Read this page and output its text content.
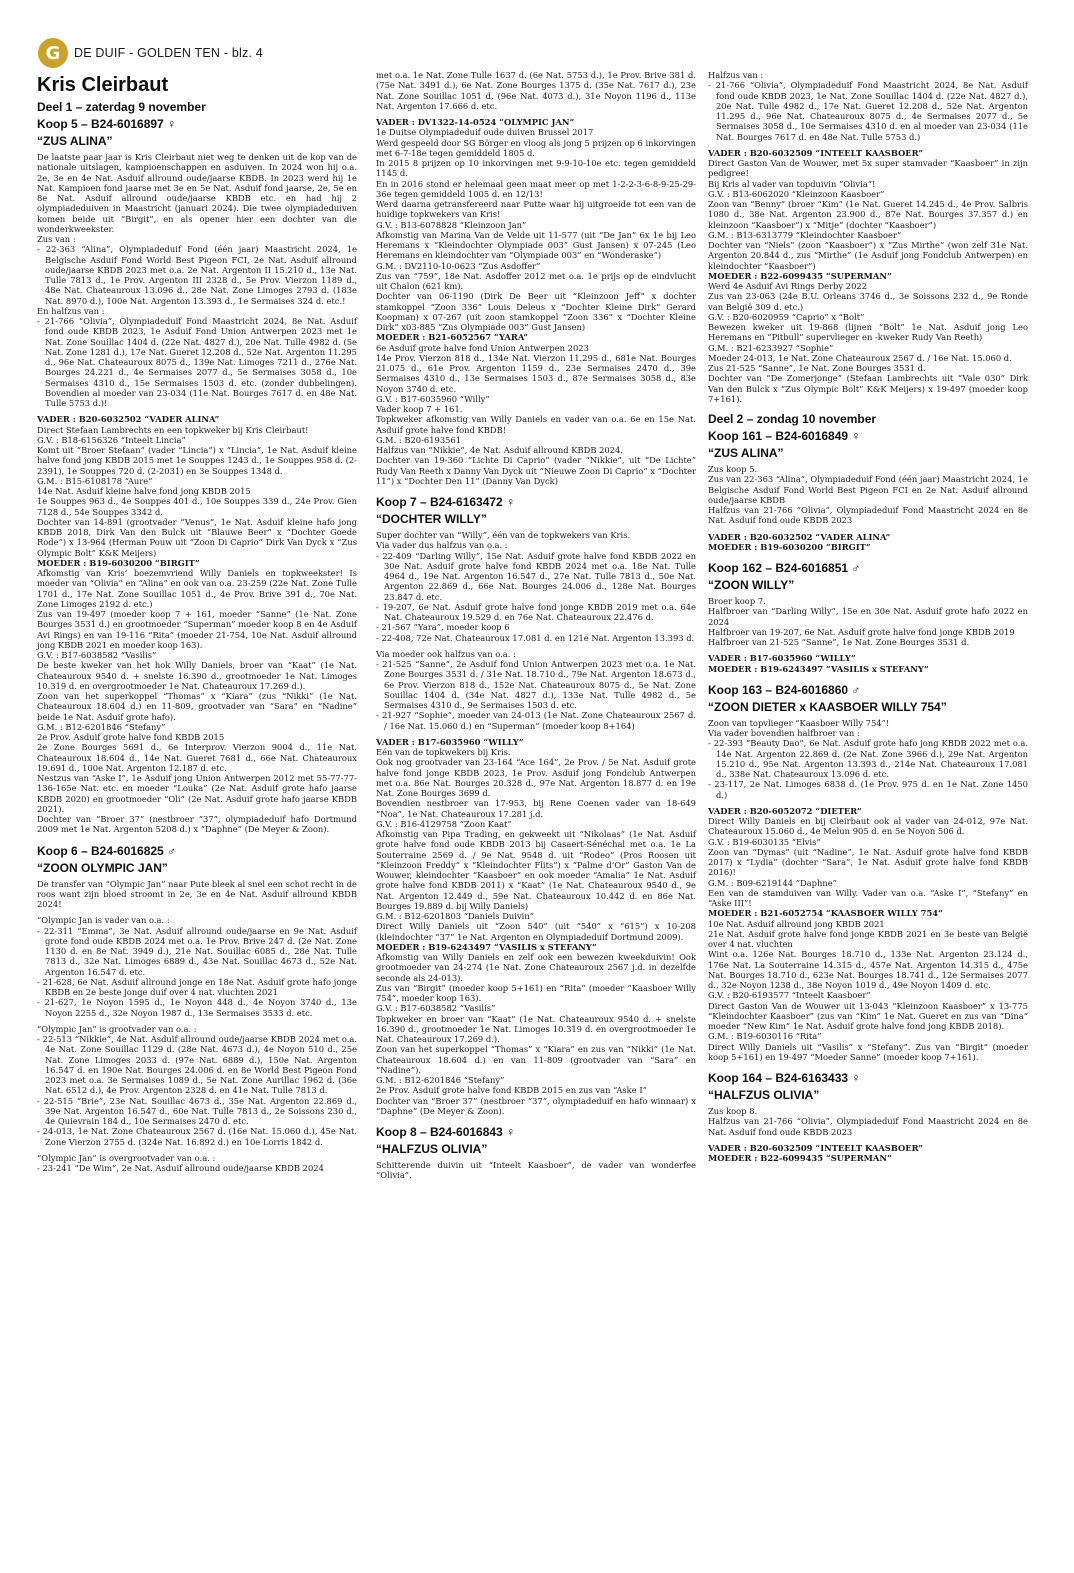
G	DE DUIF - GOLDEN TEN - blz. 4
Kris Cleirbaut
Deel 1 – zaterdag 9 november
Koop 5 – B24-6016897 ♀
“ZUS ALINA”

De laatste paar jaar is Kris Cleirbaut niet weg te denken uit de kop van de nationale uitslagen, kampioenschappen en asduiven. In 2024 won hij o.a. 2e, 3e en 4e Nat. Asduif allround oude/jaarse KBDB. In 2023 werd hij 1e Nat. Kampioen fond jaarse met 3e en 5e Nat. Asduif fond jaarse, 2e, 5e en 8e Nat. Asduif allround oude/jaarse KBDB etc. en had hij 2 olympiadeduiven in Maastricht (januari 2024). Die twee olympiadeduiven komen beide uit “Birgit”, en als opener hier een dochter van die wonderkweekster.

Zus van :

- 22-363 “Alina”, Olympiadeduif Fond (één jaar) Maastricht 2024, 1e Belgische Asduif Fond World Best Pigeon FCI, 2e Nat. Asduif allround oude/jaarse KBDB 2023 met o.a. 2e Nat. Argenton II 15.210 d., 13e Nat. Tulle 7813 d., 1e Prov. Argenton III 2328 d., 5e Prov. Vierzon 1189 d., 48e Nat. Chateauroux 13.096 d., 28e Nat. Zone Limoges 2793 d. (183e Nat. 8970 d.), 100e Nat. Argenton 13.393 d., 1e Sermaises 324 d. etc.!

En halfzus van :

- 21-766 “Olivia”, Olympiadeduif Fond Maastricht 2024, 8e Nat. Asduif fond oude KBDB 2023, 1e Asduif Fond Union Antwerpen 2023 met 1e Nat. Zone Souillac 1404 d. (22e Nat. 4827 d.), 20e Nat. Tulle 4982 d. (5e Nat. Zone 1281 d.), 17e Nat. Gueret 12.208 d., 52e Nat. Argenton 11.295 d., 96e Nat. Chateauroux 8075 d., 139e Nat. Limoges 7211 d., 276e Nat. Bourges 24.221 d., 4e Sermaises 2077 d., 5e Sermaises 3058 d., 10e Sermaises 4310 d., 15e Sermaises 1503 d. etc. (zonder dubbelingen). Bovendien al moeder van 23-034 (11e Nat. Bourges 7617 d. en 48e Nat. Tulle 5753 d.)!

VADER : B20-6032502 “VADER ALINA”

Direct Stefaan Lambrechts en een topkweker bij Kris Cleirbaut!

G.V. : B18-6156326 “Inteelt Lincia”

Komt uit “Broer Stefaan” (vader “Lincia”) x “Lincia”, 1e Nat. Asduif kleine halve fond jong KBDB 2015 met 1e Souppes 1243 d., 1e Souppes 958 d. (2-2391), 1e Souppes 720 d. (2-2031) en 3e Souppes 1348 d.

G.M. : B15-6108178 “Aure”

14e Nat. Asduif kleine halve fond jong KBDB 2015

1e Souppes 963 d., 4e Souppes 401 d., 10e Souppes 339 d., 24e Prov. Gien 7128 d., 54e Souppes 3342 d.

Dochter van 14-891 (grootvader “Venus”, 1e Nat. Asduif kleine hafo jong KBDB 2018, Dirk Van den Bulck uit “Blauwe Beer” x “Dochter Goede Rode”) x 13-964 (Herman Pouw uit “Zoon Di Caprio” Dirk Van Dyck x “Zus Olympic Bolt” K&K Meijers)

MOEDER : B19-6030200 “BIRGIT”

Afkomstig van Kris’ boezemvriend Willy Daniels en topkweekster! Is moeder van “Olivia” en “Alina” en ook van o.a. 23-259 (22e Nat. Zone Tulle 1701 d., 17e Nat. Zone Souillac 1051 d., 4e Prov. Brive 391 d., 70e Nat. Zone Limoges 2192 d. etc.)

Zus van 19-497 (moeder koop 7 + 161, moeder “Sanne” (1e Nat. Zone Bourges 3531 d.) en grootmoeder “Superman” moeder koop 8 en 4e Asduif Avi Rings) en van 19-116 “Rita” (moeder 21-754, 10e Nat. Asduif allround jong KBDB 2021 en moeder koop 163).

G.V. : B17-6038582 “Vasilis”

De beste kweker van het hok Willy Daniels, broer van “Kaat” (1e Nat. Chateauroux 9540 d. + snelste 16.390 d., grootmoeder 1e Nat. Limoges 10.319 d. en overgrootmoeder 1e Nat. Chateauroux 17.269 d.).

Zoon van het superkoppel “Thomas” x “Kiara” (zus “Nikki” (1e Nat. Chateauroux 18.604 d.) en 11-809, grootvader van “Sara” en “Nadine” beide 1e Nat. Asduif grote hafo).

G.M. : B12-6201846 “Stefany”

2e Prov. Asduif grote halve fond KBDB 2015

2e Zone Bourges 5691 d., 6e Interprov. Vierzon 9004 d., 11e Nat. Chateauroux 18.604 d., 14e Nat. Gueret 7681 d., 66e Nat. Chateauroux 19.691 d., 100e Nat. Argenton 12.187 d. etc.

Nestzus van “Aske I”, 1e Asduif jong Union Antwerpen 2012 met 55-77-77-136-165e Nat. etc. en moeder “Louka” (2e Nat. Asduif grote hafo jaarse KBDB 2020) en grootmoeder “Oli” (2e Nat. Asduif grote hafo jaarse KBDB 2021).

Dochter van “Broer 37” (nestbroer “37”, olympiadeduif hafo Dortmund 2009 met 1e Nat. Argenton 5208 d.) x “Daphne” (De Meyer & Zoon).

Koop 6 – B24-6016825 ♂
“ZOON OLYMPIC JAN”

De transfer van “Olympic Jan” naar Pute bleek al snel een schot recht in de roos want zijn bloed stroomt in 2e, 3e en 4e Nat. Asduif allround KBDB 2024!

“Olympic Jan is vader van o.a. :

- 22-311 “Emma”, 3e Nat. Asduif allround oude/jaarse en 9e Nat. Asduif grote fond oude KBDB 2024 met o.a. 1e Prov. Brive 247 d. (2e Nat. Zone 1130 d. en 8e Nat. 3949 d.), 21e Nat. Souillac 6085 d., 28e Nat. Tulle 7813 d., 32e Nat. Limoges 6889 d., 43e Nat. Souillac 4673 d., 52e Nat. Argenton 16.547 d. etc.

- 21-628, 6e Nat. Asduif allround jonge en 18e Nat. Asduif grote hafo jonge KBDB en 2e beste jonge duif over 4 nat. vluchten 2021

- 21-627, 1e Noyon 1595 d., 1e Noyon 448 d., 4e Noyon 3740 d., 13e Noyon 2255 d., 32e Noyon 1987 d., 13e Sermaises 3533 d. etc.

“Olympic Jan” is grootvader van o.a. :

- 22-513 “Nikkie”, 4e Nat. Asduif allround oude/jaarse KBDB 2024 met o.a. 4e Nat. Zone Souillac 1129 d. (28e Nat. 4673 d.), 4e Noyon 510 d., 25e Nat. Zone Limoges 2033 d. (97e Nat. 6889 d.), 150e Nat. Argenton 16.547 d. en 190e Nat. Bourges 24.006 d. en 8e World Best Pigeon Fond 2023 met o.a. 3e Sermaises 1089 d., 5e Nat. Zone Aurillac 1962 d. (36e Nat. 6512 d.), 4e Prov. Argenton 2328 d. en 41e Nat. Tulle 7813 d.

- 22-515 “Brie”, 23e Nat. Souillac 4673 d., 35e Nat. Argenton 22.869 d., 39e Nat. Argenton 16.547 d., 60e Nat. Tulle 7813 d., 2e Soissons 230 d., 4e Quievrain 184 d., 10e Sermaises 2470 d. etc.

- 24-013, 1e Nat. Zone Chateauroux 2567 d. (16e Nat. 15.060 d.), 45e Nat. Zone Vierzon 2755 d. (324e Nat. 16.892 d.) en 10e Lorris 1842 d.

“Olympic Jan” is overgrootvader van o.a. :

- 23-241 “De Wim”, 2e Nat. Asduif allround oude/jaarse KBDB 2024

met o.a. 1e Nat. Zone Tulle 1637 d. (6e Nat. 5753 d.), 1e Prov. Brive 381 d. (75e Nat. 3491 d.), 6e Nat. Zone Bourges 1375 d. (35e Nat. 7617 d.), 23e Nat. Zone Souillac 1051 d. (96e Nat. 4073 d.), 31e Noyon 1196 d., 113e Nat. Argenton 17.666 d. etc.

VADER : DV1322-14-0524 “OLYMPIC JAN”

1e Duitse Olympiadeduif oude duiven Brussel 2017

Werd gespeeld door SG Börger en vloog als jong 5 prijzen op 6 inkorvingen met 6-7-18e tegen gemiddeld 1805 d.

In 2015 8 prijzen op 10 inkorvingen met 9-9-10-10e etc. tegen gemiddeld 1145 d.

En in 2016 stond er helemaal geen maat meer op met 1-2-2-3-6-8-9-25-29-36e tegen gemiddeld 1005 d. en 12/13!

Werd daarna getransfereerd naar Putte waar hij uitgroeide tot een van de huidige topkwekers van Kris!

G.V. : B13-6078828 “Kleinzoon Jan”

Afkomstig van Marina Van de Velde uit 11-577 (uit “De Jan” 6x 1e bij Leo Heremans x “Kleindochter Olympiade 003” Gust Jansen) x 07-245 (Leo Heremans en kleindochter van “Olympiade 003” en “Wonderaske”)

G.M. : DV2110-10-0623 “Zus Asdoffer”

Zus van “759”, 18e Nat. Asdoffer 2012 met o.a. 1e prijs op de eindvlucht uit Chalon (621 km).

Dochter van 06-1190 (Dirk De Beer uit “Kleinzoon Jeff” x dochter stamkoppel “Zoon 336” Louis Deleus x “Dochter Kleine Dirk” Gerard Koopman) x 07-267 (uit zoon stamkoppel “Zoon 336” x “Dochter Kleine Dirk” x03-885 “Zus Olympiade 003” Gust Jansen)

MOEDER : B21-6052567 “YARA”

6e Asduif grote halve fond Union Antwerpen 2023

14e Prov. Vierzon 818 d., 134e Nat. Vierzon 11.295 d., 681e Nat. Bourges 21.075 d., 61e Prov. Argenton 1159 d., 23e Sermaises 2470 d., 39e Sermaises 4310 d., 13e Sermaises 1503 d., 87e Sermaises 3058 d., 83e Noyon 3740 d. etc.

G.V. : B17-6035960 “Willy”

Vader koop 7 + 161.

Topkweker afkomstig van Willy Daniels en vader van o.a. 6e en 15e Nat. Asduif grote halve fond KBDB!

G.M. : B20-6193561

Halfzus van “Nikkie”, 4e Nat. Asduif allround KBDB 2024.

Dochter van 19-360 “Lichte Di Caprio” (vader “Nikkie”, uit “De Lichte” Rudy Van Reeth x Danny Van Dyck uit “Nieuwe Zoon Di Caprio” x “Dochter 11”) x “Dochter Den 11” (Danny Van Dyck)

Koop 7 – B24-6163472 ♀
“DOCHTER WILLY”

Super dochter van “Willy”, één van de topkwekers van Kris.

Via vader dus halfzus van o.a. :

- 22-409 “Darling Willy”, 15e Nat. Asduif grote halve fond KBDB 2022 en 30e Nat. Asduif grote halve fond KBDB 2024 met o.a. 18e Nat. Tulle 4964 d., 19e Nat. Argenton 16.547 d., 27e Nat. Tulle 7813 d., 50e Nat. Argenton 22.869 d., 66e Nat. Bourges 24.006 d., 128e Nat. Bourges 23.847 d. etc.

- 19-207, 6e Nat. Asduif grote halve fond jonge KBDB 2019 met o.a. 64e Nat. Chateauroux 19.529 d. en 76e Nat. Chateauroux 22.476 d.

- 21-567 “Yara”, moeder koop 6

- 22-408, 72e Nat. Chateauroux 17.081 d. en 121e Nat. Argenton 13.393 d.

Via moeder ook halfzus van o.a. :

- 21-525 “Sanne”, 2e Asduif fond Union Antwerpen 2023 met o.a. 1e Nat. Zone Bourges 3531 d. / 31e Nat. 18.710 d., 79e Nat. Argenton 18.673 d., 6e Prov. Vierzon 818 d., 152e Nat. Chateauroux 8075 d., 5e Nat. Zone Souillac 1404 d. (34e Nat. 4827 d.), 133e Nat. Tulle 4982 d., 5e Sermaises 4310 d., 9e Sermaises 1503 d. etc.

- 21-927 “Sophie”, moeder van 24-013 (1e Nat. Zone Chateauroux 2567 d. / 16e Nat. 15.060 d.) en “Superman” (moeder koop 8+164)

VADER : B17-6035960 “WILLY”

Eén van de topkwekers bij Kris.

Ook nog grootvader van 23-164 “Ace 164”, 2e Prov. / 5e Nat. Asduif grote halve fond jonge KBDB 2023, 1e Prov. Asduif jong Fondclub Antwerpen met o.a. 86e Nat. Bourges 20.328 d., 97e Nat. Argenton 18.877 d. en 19e Nat. Zone Bourges 3699 d.

Bovendien nestbroer van 17-953, bij Rene Coenen vader van 18-649 “Noa”, 1e Nat. Chateauroux 17.281 j.d.

G.V. : B16-4129758 “Zoon Kaat”

Afkomstig van Pipa Trading, en gekweekt uit “Nikolaas” (1e Nat. Asduif grote halve fond oude KBDB 2013 bij Casaert-Sénéchal met o.a. 1e La Souterraine 2569 d. / 9e Nat. 9548 d. uit “Rodeo” (Pros Roosen uit “Kleinzoon Freddy” x “Kleindochter Flits”) x “Palme d’Or” Gaston Van de Wouwer, kleindochter “Kaasboer” en ook moeder “Amalia” 1e Nat. Asduif grote halve fond KBDB 2011) x “Kaat” (1e Nat. Chateauroux 9540 d., 9e Nat. Argenton 12.449 d., 59e Nat. Chateauroux 10.442 d. en 86e Nat. Bourges 19.889 d. bij Willy Daniels)

G.M. : B12-6201803 “Daniels Duivin”

Direct Willy Daniels uit “Zoon 540” (uit “540” x “615”) x 10-208 (kleindochter “37” 1e Nat. Argenton en Olympiadeduif Dortmund 2009).

MOEDER : B19-6243497 “VASILIS x STEFANY”

Afkomstig van Willy Daniels en zelf ook een bewezen kweekduivin! Ook grootmoeder van 24-274 (1e Nat. Zone Chateauroux 2567 j.d. in dezelfde seconde als 24-013).

Zus van “Birgit” (moeder koop 5+161) en “Rita” (moeder “Kaasboer Willy 754”, moeder koop 163).

G.V. : B17-6038582 “Vasilis”

Topkweker en broer van “Kaat” (1e Nat. Chateauroux 9540 d. + snelste 16.390 d., grootmoeder 1e Nat. Limoges 10.319 d. en overgrootmoeder 1e Nat. Chateauroux 17.269 d.).

Zoon van het superkoppel “Thomas” x “Kiara” en zus van “Nikki” (1e Nat. Chateauroux 18.604 d.) en van 11-809 (grootvader van “Sara” en “Nadine”).

G.M. : B12-6201846 “Stefany”

2e Prov. Asduif grote halve fond KBDB 2015 en zus van “Aske I”

Dochter van “Broer 37” (nestbroer “37”, olympiadeduif en hafo winnaar) x “Daphne” (De Meyer & Zoon).

Koop 8 – B24-6016843 ♀
“HALFZUS OLIVIA”

Schitterende duivin uit “Inteelt Kaasboer”, de vader van wonderfee “Olivia”.

Halfzus van :

- 21-766 “Olivia”, Olympiadeduif Fond Maastricht 2024, 8e Nat. Asduif fond oude KBDB 2023, 1e Nat. Zone Souillac 1404 d. (22e Nat. 4827 d.), 20e Nat. Tulle 4982 d., 17e Nat. Gueret 12.208 d., 52e Nat. Argenton 11.295 d., 96e Nat. Chateauroux 8075 d., 4e Sermaises 2077 d., 5e Sermaises 3058 d., 10e Sermaises 4310 d. en al moeder van 23-034 (11e Nat. Bourges 7617 d. en 48e Nat. Tulle 5753 d.)

VADER : B20-6032509 “INTEELT KAASBOER”

Direct Gaston Van de Wouwer, met 5x super stamvader “Kaasboer” in zijn pedigree!

Bij Kris al vader van topduivin “Olivia”!

G.V. : B13-6062020 “Kleinzoon Kaasboer”

Zoon van “Benny” (broer “Kim” (1e Nat. Gueret 14.245 d., 4e Prov. Salbris 1080 d., 38e Nat. Argenton 23.900 d., 87e Nat. Bourges 37.357 d.) en kleinzoon “Kaasboer”) x “Mitje” (dochter “Kaasboer”)

G.M. : B13-6313779 “Kleindochter Kaasboer”

Dochter van “Niels” (zoon “Kaasboer”) x “Zus Mirthe” (won zelf 31e Nat. Argenton 20.844 d., zus “Mirthe” (1e Asduif jong Fondclub Antwerpen) en kleindochter “Kaasboer”)

MOEDER : B22-6099435 “SUPERMAN”

Werd 4e Asduif Avi Rings Derby 2022

Zus van 23-063 (24e B.U. Orleans 3746 d., 3e Soissons 232 d., 9e Ronde van België 309 d. etc.)

G.V. : B20-6020959 “Caprio” x “Bolt”

Bewezen kweker uit 19-868 (lijnen “Bolt” 1e Nat. Asduif jong Leo Heremans en “Pitbull” supervlieger en -kweker Rudy Van Reeth)

G.M. : B21-6233927 “Sophie”

Moeder 24-013, 1e Nat. Zone Chateauroux 2567 d. / 16e Nat. 15.060 d.

Zus 21-525 “Sanne”, 1e Nat. Zone Bourges 3531 d.

Dochter van “De Zomerjonge” (Stefaan Lambrechts uit “Vale 030” Dirk Van den Bulck x “Zus Olympic Bolt” K&K Meijers) x 19-497 (moeder koop 7+161).

Deel 2 – zondag 10 november
Koop 161 – B24-6016849 ♀
“ZUS ALINA”

Zus koop 5.

Zus van 22-363 “Alina”, Olympiadeduif Fond (één jaar) Maastricht 2024, 1e Belgische Asduif Fond World Best Pigeon FCI en 2e Nat. Asduif allround oude/jaarse KBDB

Halfzus van 21-766 “Olivia”, Olympiadeduif Fond Maastricht 2024 en 8e Nat. Asduif fond oude KBDB 2023

VADER : B20-6032502 “VADER ALINA”

MOEDER : B19-6030200 “BIRGIT”

Koop 162 – B24-6016851 ♂
“ZOON WILLY”

Broer koop 7.

Halfbroer van “Darling Willy”, 15e en 30e Nat. Asduif grote hafo 2022 en 2024

Halfbroer van 19-207, 6e Nat. Asduif grote halve fond jonge KBDB 2019

Halfbroer van 21-525 “Sanne”, 1e Nat. Zone Bourges 3531 d.

VADER : B17-6035960 “WILLY”

MOEDER : B19-6243497 “VASILIS x STEFANY”

Koop 163 – B24-6016860 ♂
“ZOON DIETER x KAASBOER WILLY 754”

Zoon van topvlieger “Kaasboer Willy 754”!

Via vader bovendien halfbroer van :

- 22-393 “Beauty Dao”, 6e Nat. Asduif grote hafo jong KBDB 2022 met o.a. 14e Nat. Argenton 22.869 d. (2e Nat. Zone 3966 d.), 29e Nat. Argenton 15.210 d., 95e Nat. Argenton 13.393 d., 214e Nat. Chateauroux 17.081 d., 338e Nat. Chateauroux 13.096 d. etc.

- 23-117, 2e Nat. Limoges 6838 d. (1e Prov. 975 d. en 1e Nat. Zone 1450 d.)

VADER : B20-6052072 “DIETER”

Direct Willy Daniels en bij Cleirbaut ook al vader van 24-012, 97e Nat. Chateauroux 15.060 d., 4e Melun 905 d. en 5e Noyon 506 d.

G.V. : B19-6030135 “Elvis”

Zoon van “Dymas” (uit “Nadine”, 1e Nat. Asduif grote halve fond KBDB 2017) x “Lydia” (dochter “Sara”, 1e Nat. Asduif grote halve fond KBDB 2016)!

G.M. : B09-6219144 “Daphne”

Een van de stamduiven van Willy. Vader van o.a. “Aske I”, “Stefany” en “Aske III”!

MOEDER : B21-6052754 “KAASBOER WILLY 754”

10e Nat. Asduif allround jong KBDB 2021

21e Nat. Asduif grote halve fond jonge KBDB 2021 en 3e beste van België over 4 nat. vluchten

Wint o.a. 126e Nat. Bourges 18.710 d., 133e Nat. Argenton 23.124 d., 176e Nat. La Souterraine 14.315 d., 457e Nat. Argenton 14.315 d., 475e Nat. Bourges 18.710 d., 623e Nat. Bourges 18.741 d., 12e Sermaises 2077 d., 32e Noyon 1238 d., 38e Noyon 1019 d., 49e Noyon 1409 d. etc.

G.V. : B20-6193577 “Inteelt Kaasboer”

Direct Gaston Van de Wouwer uit 13-043 “Kleinzoon Kaasboer” x 13-775 “Kleindochter Kaasboer” (zus van “Kim” 1e Nat. Gueret en zus van “Dina” moeder “New Kim” 1e Nat. Asduif grote halve fond jong KBDB 2018).

G.M. : B19-6030116 “Rita”

Direct Willy Daniels uit “Vasilis” x “Stefany”. Zus van “Birgit” (moeder koop 5+161) en 19-497 “Moeder Sanne” (moeder koop 7+161).

Koop 164 – B24-6163433 ♀
“HALFZUS OLIVIA”

Zus koop 8.

Halfzus van 21-766 “Olivia”, Olympiadeduif Fond Maastricht 2024 en 8e Nat. Asduif fond oude KBDB 2023

VADER : B20-6032509 “INTEELT KAASBOER”

MOEDER : B22-6099435 “SUPERMAN”
